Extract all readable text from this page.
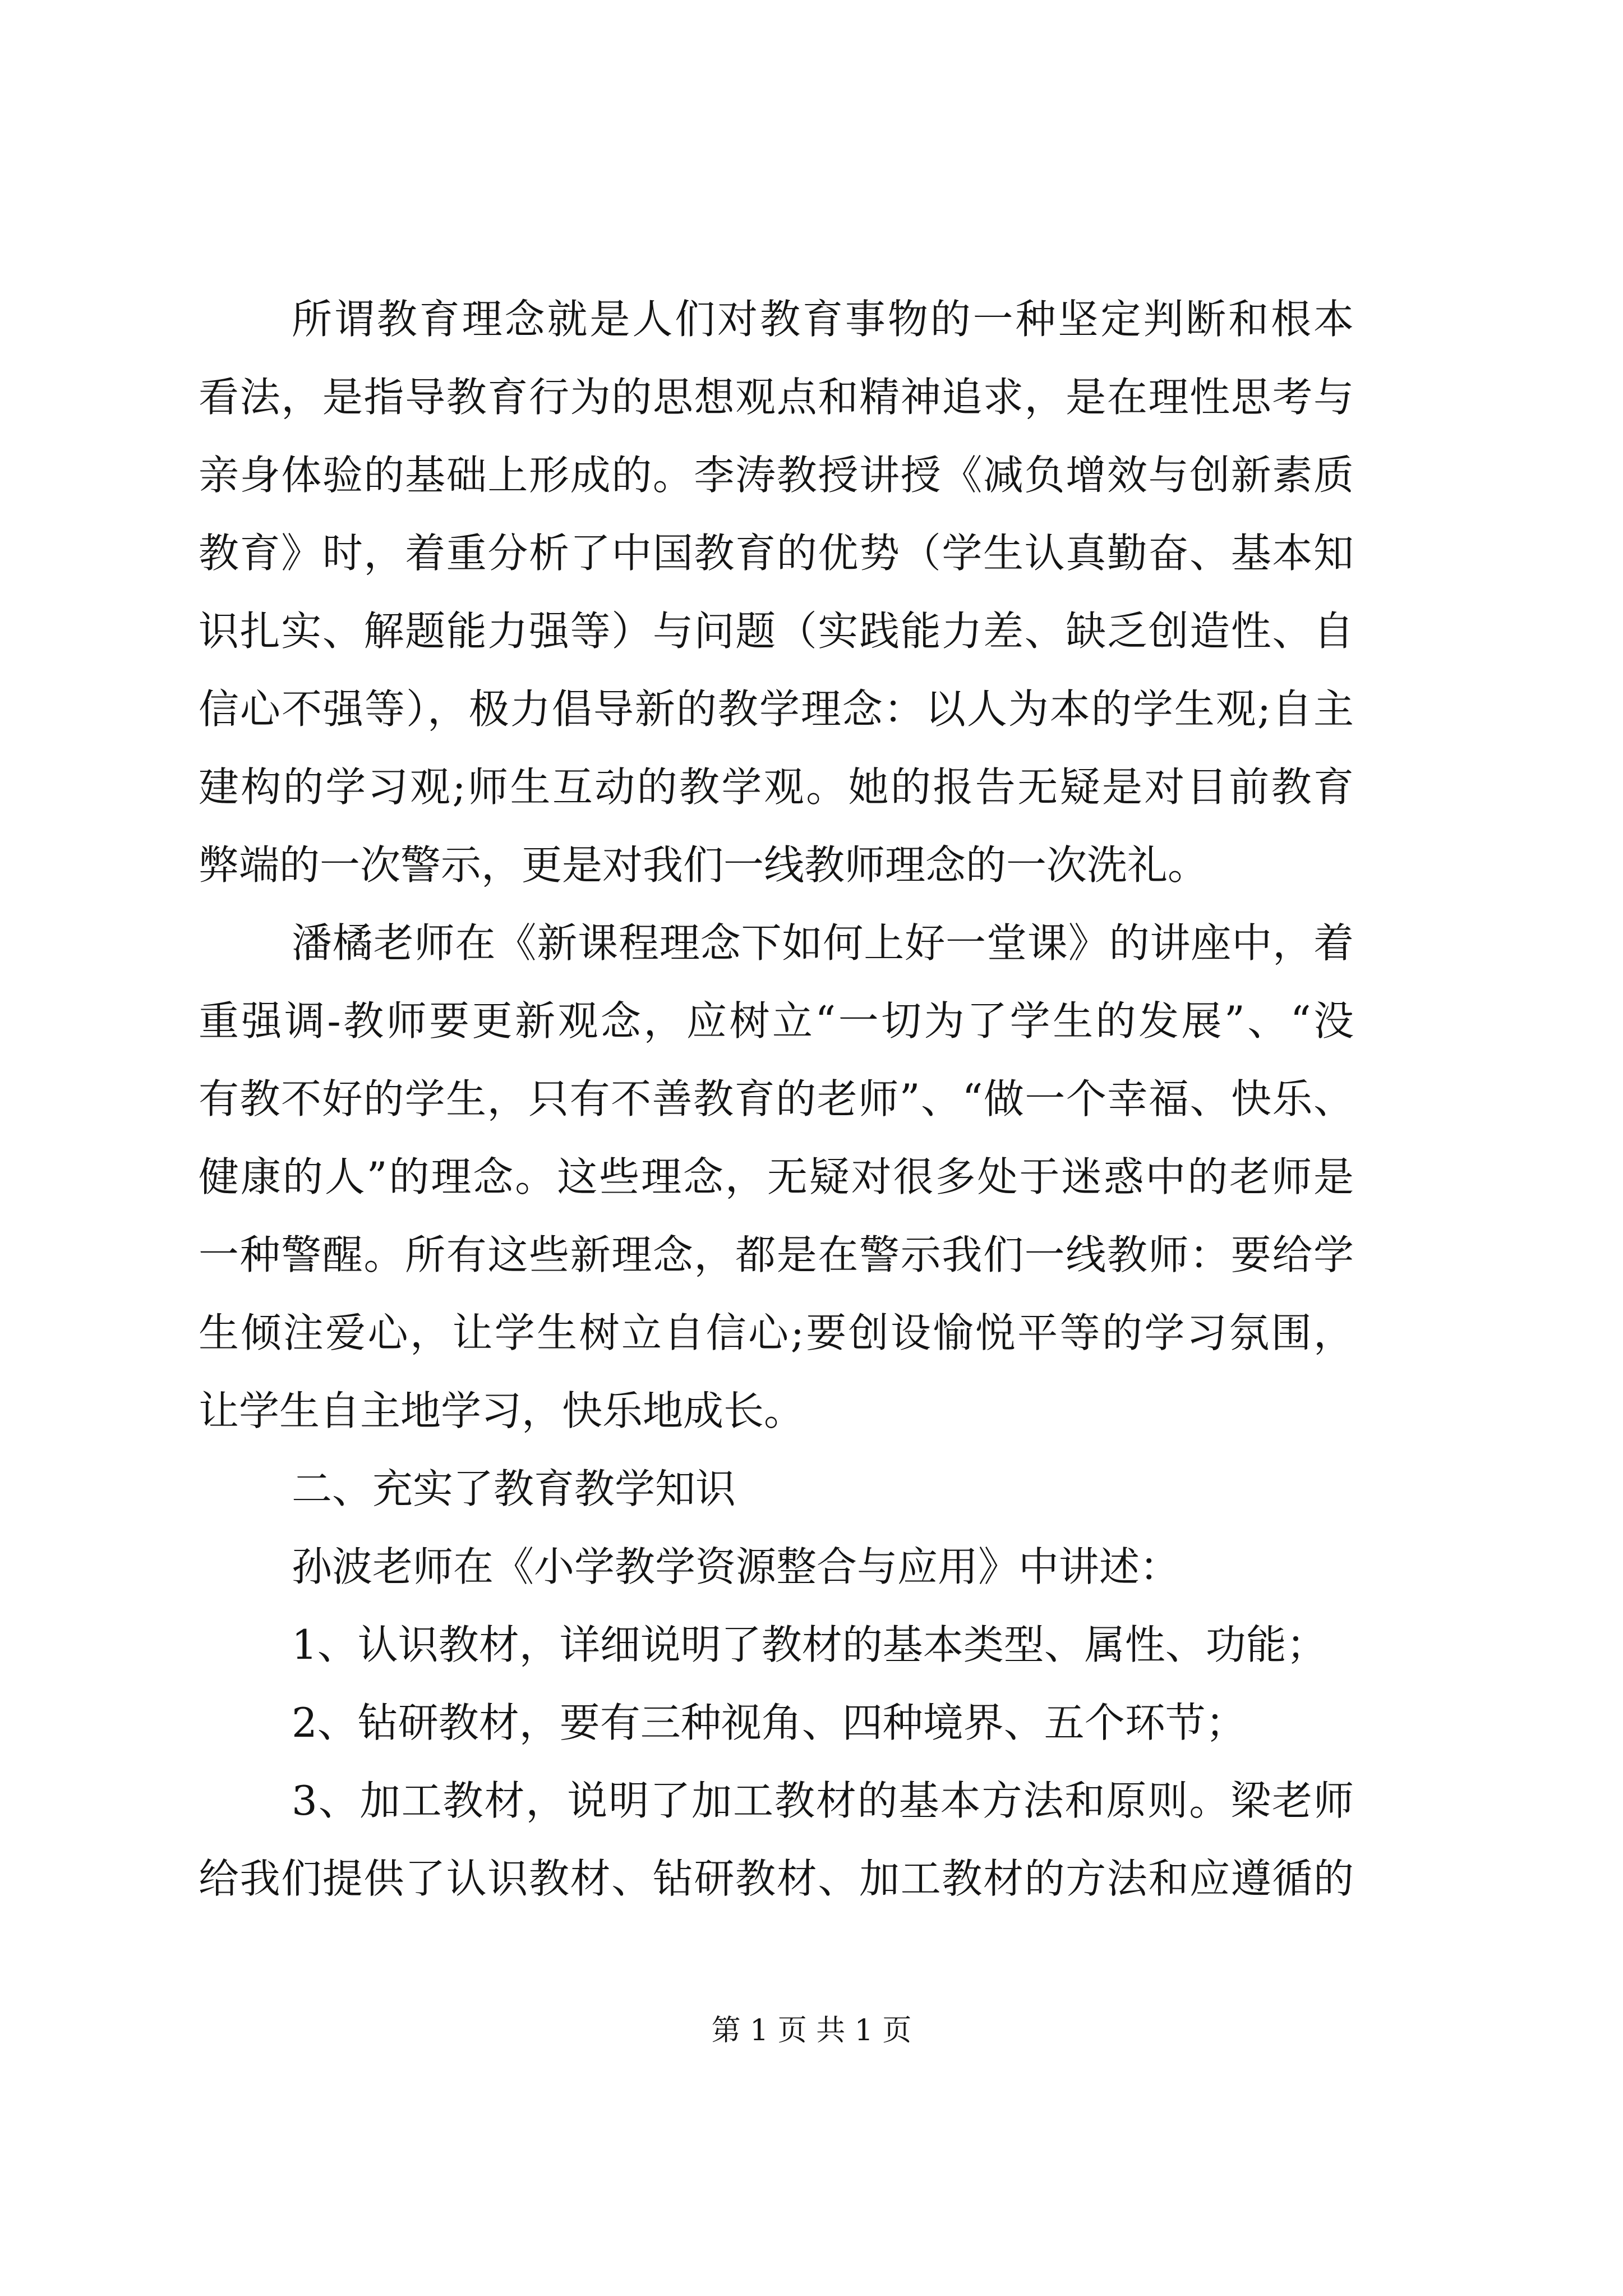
所谓教育理念就是人们对教育事物的一种坚定判断和根本
看法，是指导教育行为的思想观点和精神追求，是在理性思考与
亲身体验的基础上形成的。李涛教授讲授《减负增效与创新素质
教育》时，着重分析了中国教育的优势（学生认真勤奋、基本知
识扎实、解题能力强等）与问题（实践能力差、缺乏创造性、自
信心不强等），极力倡导新的教学理念：以人为本的学生观;自主
建构的学习观;师生互动的教学观。她的报告无疑是对目前教育
弊端的一次警示，更是对我们一线教师理念的一次洗礼。
潘橘老师在《新课程理念下如何上好一堂课》的讲座中，着
重强调-教师要更新观念，应树立“一切为了学生的发展”、“没
有教不好的学生，只有不善教育的老师”、“做一个幸福、快乐、
健康的人”的理念。这些理念，无疑对很多处于迷惑中的老师是
一种警醒。所有这些新理念，都是在警示我们一线教师：要给学
生倾注爱心，让学生树立自信心;要创设愉悦平等的学习氛围，
让学生自主地学习，快乐地成长。
二、充实了教育教学知识
孙波老师在《小学教学资源整合与应用》中讲述：
1、认识教材，详细说明了教材的基本类型、属性、功能；
2、钻研教材，要有三种视角、四种境界、五个环节；
3、加工教材，说明了加工教材的基本方法和原则。梁老师
给我们提供了认识教材、钻研教材、加工教材的方法和应遵循的
第 1 页 共 1 页
